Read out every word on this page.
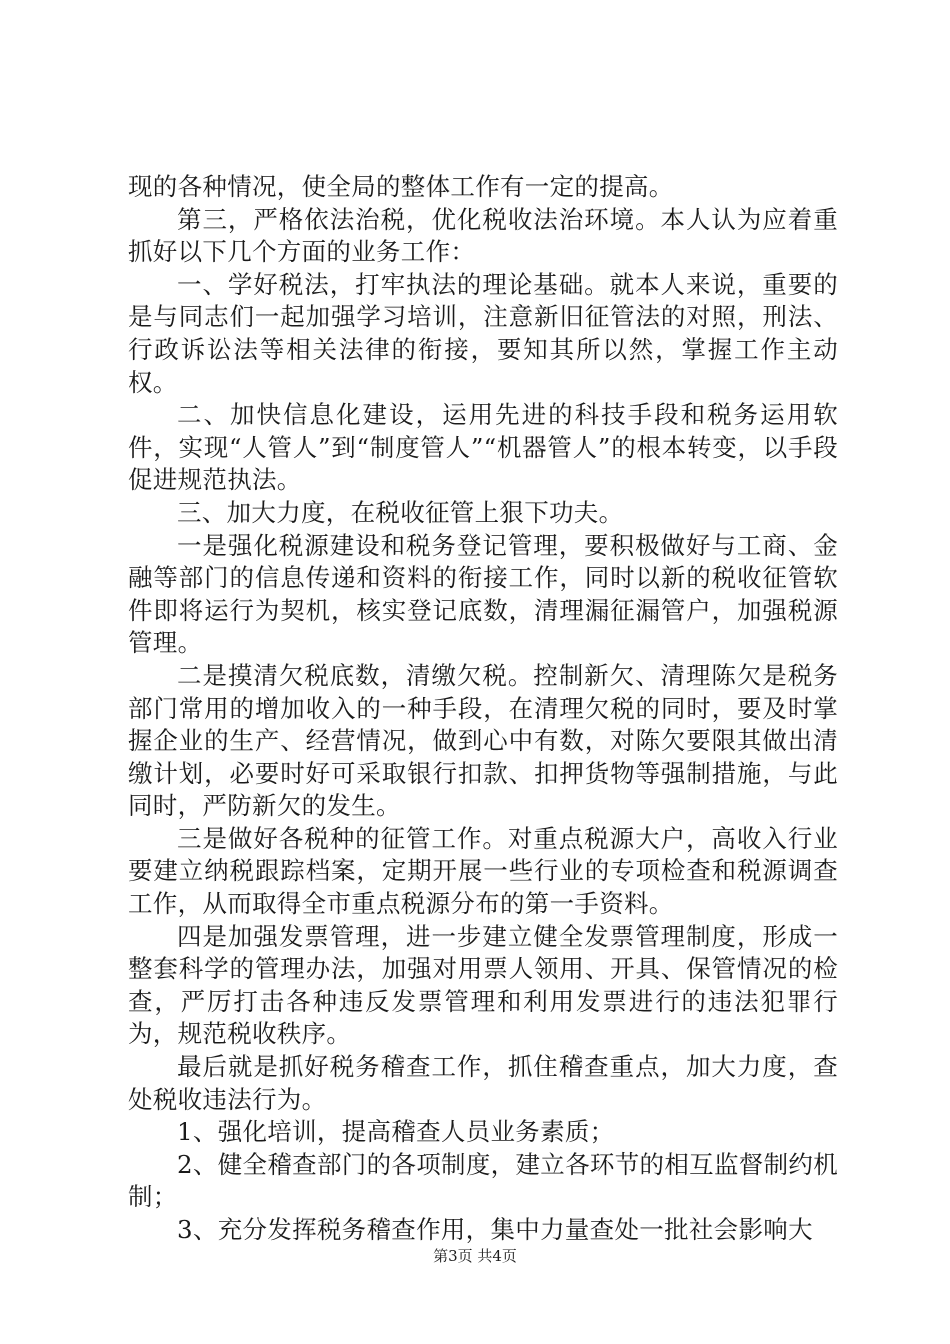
现的各种情况，使全局的整体工作有一定的提高。

第三，严格依法治税，优化税收法治环境。本人认为应着重抓好以下几个方面的业务工作：

一、学好税法，打牢执法的理论基础。就本人来说，重要的是与同志们一起加强学习培训，注意新旧征管法的对照，刑法、行政诉讼法等相关法律的衔接，要知其所以然，掌握工作主动权。

二、加快信息化建设，运用先进的科技手段和税务运用软件，实现“人管人”到“制度管人”“机器管人”的根本转变，以手段促进规范执法。

三、加大力度，在税收征管上狠下功夫。

一是强化税源建设和税务登记管理，要积极做好与工商、金融等部门的信息传递和资料的衔接工作，同时以新的税收征管软件即将运行为契机，核实登记底数，清理漏征漏管户，加强税源管理。

二是摸清欠税底数，清缴欠税。控制新欠、清理陈欠是税务部门常用的增加收入的一种手段，在清理欠税的同时，要及时掌握企业的生产、经营情况，做到心中有数，对陈欠要限其做出清缴计划，必要时好可采取银行扣款、扣押货物等强制措施，与此同时，严防新欠的发生。

三是做好各税种的征管工作。对重点税源大户，高收入行业要建立纳税跟踪档案，定期开展一些行业的专项检查和税源调查工作，从而取得全市重点税源分布的第一手资料。

四是加强发票管理，进一步建立健全发票管理制度，形成一整套科学的管理办法，加强对用票人领用、开具、保管情况的检查，严厉打击各种违反发票管理和利用发票进行的违法犯罪行为，规范税收秩序。

最后就是抓好税务稽查工作，抓住稽查重点，加大力度，查处税收违法行为。

1、强化培训，提高稽查人员业务素质；

2、健全稽查部门的各项制度，建立各环节的相互监督制约机制；

3、充分发挥税务稽查作用，集中力量查处一批社会影响大

第3页 共4页
